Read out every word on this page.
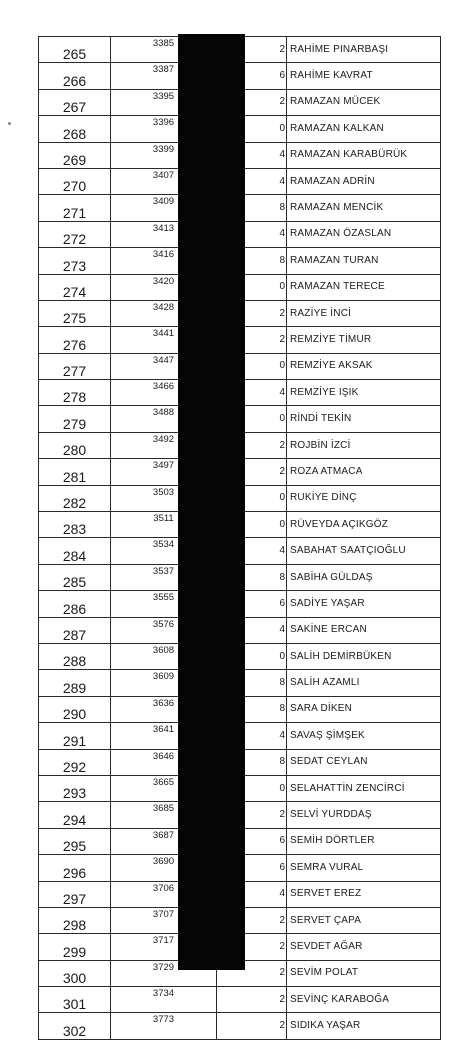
265	3385	2	RAHİME PINARBAŞI
266	3387	6	RAHİME KAVRAT
267	3395	2	RAMAZAN MÜCEK
268	3396	0	RAMAZAN KALKAN
269	3399	4	RAMAZAN KARABÜRÜK
270	3407	4	RAMAZAN ADRİN
271	3409	8	RAMAZAN MENCİK
272	3413	4	RAMAZAN ÖZASLAN
273	3416	8	RAMAZAN TURAN
274	3420	0	RAMAZAN TERECE
275	3428	2	RAZİYE İNCİ
276	3441	2	REMZİYE TİMUR
277	3447	0	REMZİYE AKSAK
278	3466	4	REMZİYE IŞIK
279	3488	0	RİNDİ TEKİN
280	3492	2	ROJBİN İZCİ
281	3497	2	ROZA ATMACA
282	3503	0	RUKİYE DİNÇ
283	3511	0	RÜVEYDA AÇIKGÖZ
284	3534	4	SABAHAT SAATÇIOĞLU
285	3537	8	SABİHA GÜLDAŞ
286	3555	6	SADİYE YAŞAR
287	3576	4	SAKİNE ERCAN
288	3608	0	SALİH DEMİRBÜKEN
289	3609	8	SALİH AZAMLI
290	3636	8	SARA DİKEN
291	3641	4	SAVAŞ ŞİMŞEK
292	3646	8	SEDAT CEYLAN
293	3665	0	SELAHATTİN ZENCİRCİ
294	3685	2	SELVİ YURDDAŞ
295	3687	6	SEMİH DÖRTLER
296	3690	6	SEMRA VURAL
297	3706	4	SERVET EREZ
298	3707	2	SERVET ÇAPA
299	3717	2	SEVDET AĞAR
300	3729	2	SEVİM POLAT
301	3734	2	SEVİNÇ KARABOĞA
302	3773	2	SIDIKA YAŞAR
